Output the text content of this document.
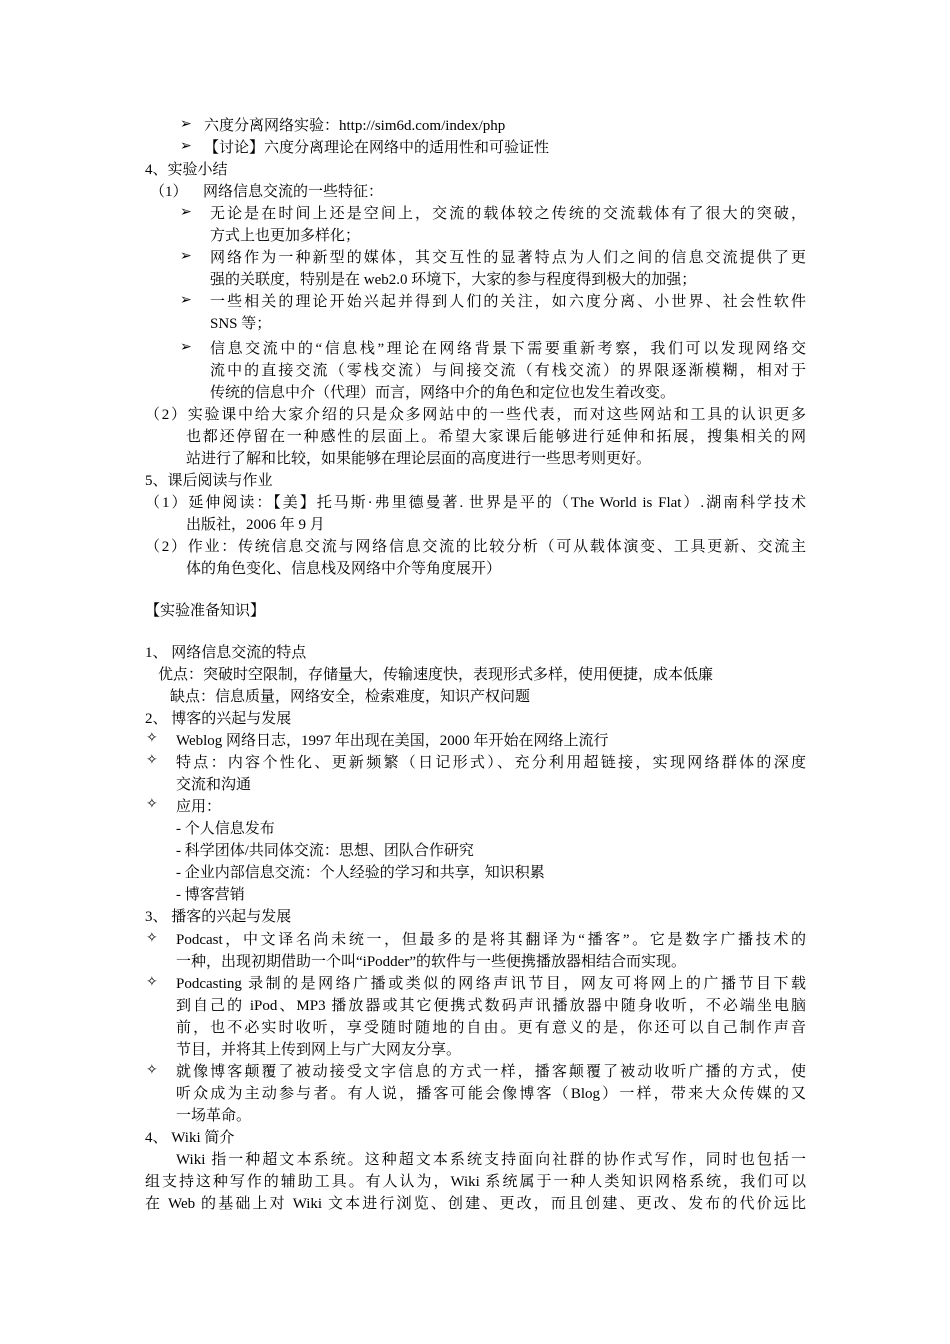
➢ 六度分离网络实验：http://sim6d.com/index/php
➢ 【讨论】六度分离理论在网络中的适用性和可验证性
4、实验小结
（1） 网络信息交流的一些特征：
➢ 无论是在时间上还是空间上，交流的载体较之传统的交流载体有了很大的突破，
方式上也更加多样化；
➢ 网络作为一种新型的媒体，其交互性的显著特点为人们之间的信息交流提供了更
强的关联度，特别是在 web2.0 环境下，大家的参与程度得到极大的加强；
➢ 一些相关的理论开始兴起并得到人们的关注，如六度分离、小世界、社会性软件
SNS 等；
➢ 信息交流中的“信息栈”理论在网络背景下需要重新考察，我们可以发现网络交
流中的直接交流（零栈交流）与间接交流（有栈交流）的界限逐渐模糊，相对于
传统的信息中介（代理）而言，网络中介的角色和定位也发生着改变。
（2）实验课中给大家介绍的只是众多网站中的一些代表，而对这些网站和工具的认识更多
也都还停留在一种感性的层面上。希望大家课后能够进行延伸和拓展，搜集相关的网
站进行了解和比较，如果能够在理论层面的高度进行一些思考则更好。
5、课后阅读与作业
（1）延伸阅读：【美】托马斯·弗里德曼著. 世界是平的（The World is Flat）.湖南科学技术
出版社，2006 年 9 月
（2）作业：传统信息交流与网络信息交流的比较分析（可从载体演变、工具更新、交流主
体的角色变化、信息栈及网络中介等角度展开）
【实验准备知识】
1、 网络信息交流的特点
优点：突破时空限制，存储量大，传输速度快，表现形式多样，使用便捷，成本低廉
缺点：信息质量，网络安全，检索难度，知识产权问题
2、 博客的兴起与发展
✧ Weblog 网络日志，1997 年出现在美国，2000 年开始在网络上流行
✧ 特点：内容个性化、更新频繁（日记形式）、充分利用超链接，实现网络群体的深度
交流和沟通
✧ 应用：
- 个人信息发布
- 科学团体/共同体交流：思想、团队合作研究
- 企业内部信息交流：个人经验的学习和共享，知识积累
- 博客营销
3、 播客的兴起与发展
✧ Podcast，中文译名尚未统一，但最多的是将其翻译为“播客”。它是数字广播技术的
一种，出现初期借助一个叫“iPodder”的软件与一些便携播放器相结合而实现。
✧ Podcasting 录制的是网络广播或类似的网络声讯节目，网友可将网上的广播节目下载
到自己的 iPod、MP3 播放器或其它便携式数码声讯播放器中随身收听，不必端坐电脑
前，也不必实时收听，享受随时随地的自由。更有意义的是，你还可以自己制作声音
节目，并将其上传到网上与广大网友分享。
✧ 就像博客颠覆了被动接受文字信息的方式一样，播客颠覆了被动收听广播的方式，使
听众成为主动参与者。有人说，播客可能会像博客（Blog）一样，带来大众传媒的又
一场革命。
4、 Wiki 简介
Wiki 指一种超文本系统。这种超文本系统支持面向社群的协作式写作，同时也包括一
组支持这种写作的辅助工具。有人认为，Wiki 系统属于一种人类知识网格系统，我们可以
在 Web 的基础上对 Wiki 文本进行浏览、创建、更改，而且创建、更改、发布的代价远比
